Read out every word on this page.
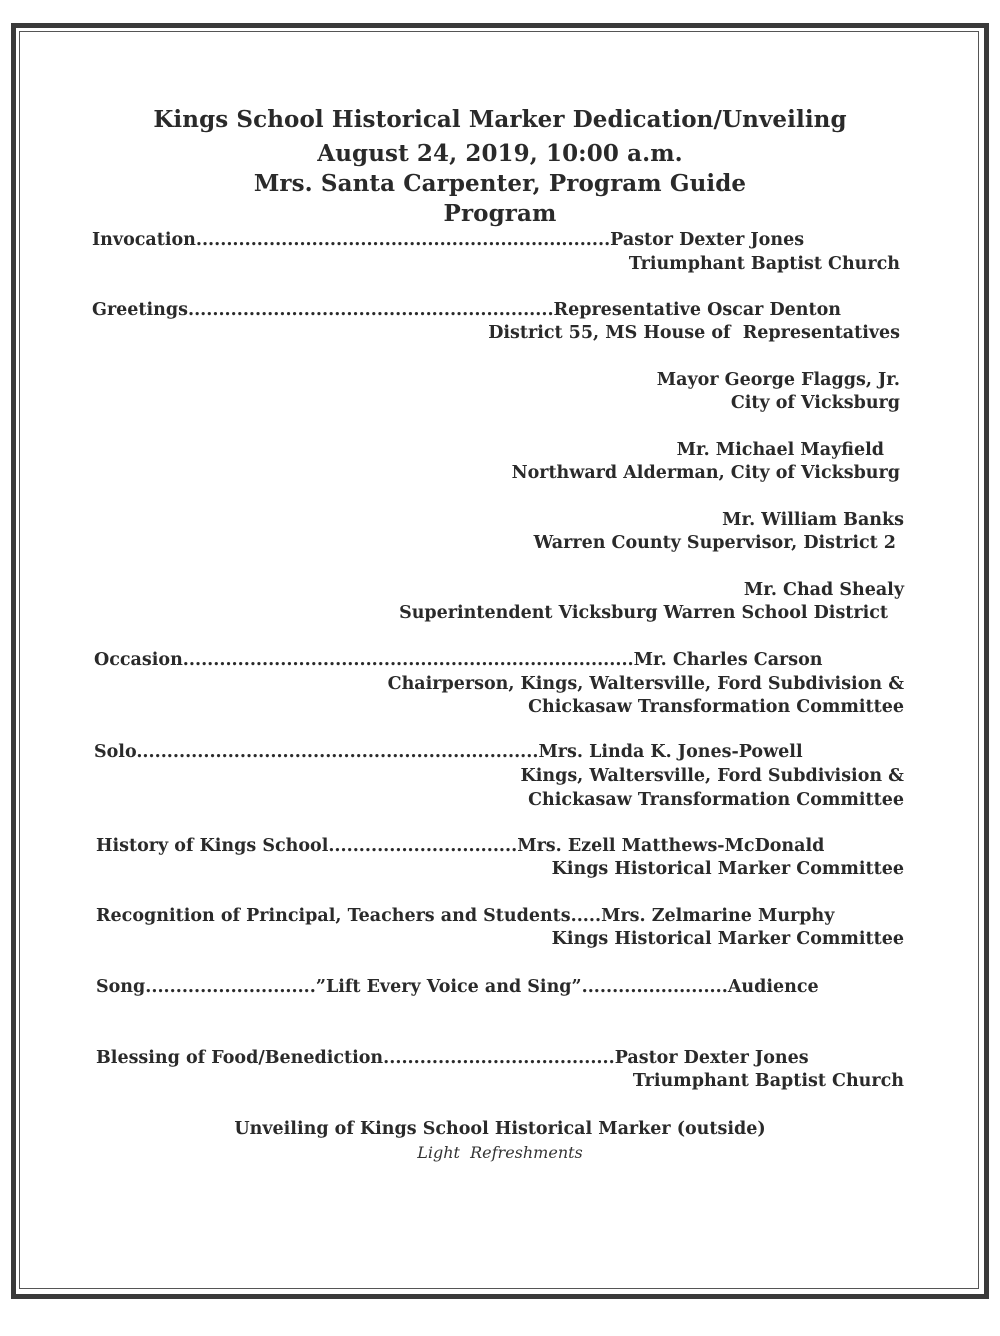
Kings School Historical Marker Dedication/Unveiling
August 24, 2019, 10:00 a.m.
Mrs. Santa Carpenter, Program Guide
Program
Invocation....................................................................Pastor Dexter Jones
Triumphant Baptist Church
Greetings............................................................Representative Oscar Denton
District 55, MS House of  Representatives
Mayor George Flaggs, Jr.
City of Vicksburg
Mr. Michael Mayfield
Northward Alderman, City of Vicksburg
Mr. William Banks
Warren County Supervisor, District 2
Mr. Chad Shealy
Superintendent Vicksburg Warren School District
Occasion..........................................................................Mr. Charles Carson
Chairperson, Kings, Waltersville, Ford Subdivision &
Chickasaw Transformation Committee
Solo..................................................................Mrs. Linda K. Jones-Powell
Kings, Waltersville, Ford Subdivision &
Chickasaw Transformation Committee
History of Kings School...............................Mrs. Ezell Matthews-McDonald
Kings Historical Marker Committee
Recognition of Principal, Teachers and Students.....Mrs. Zelmarine Murphy
Kings Historical Marker Committee
Song............................”Lift Every Voice and Sing”........................Audience
Blessing of Food/Benediction......................................Pastor Dexter Jones
Triumphant Baptist Church
Unveiling of Kings School Historical Marker (outside)
Light  Refreshments
